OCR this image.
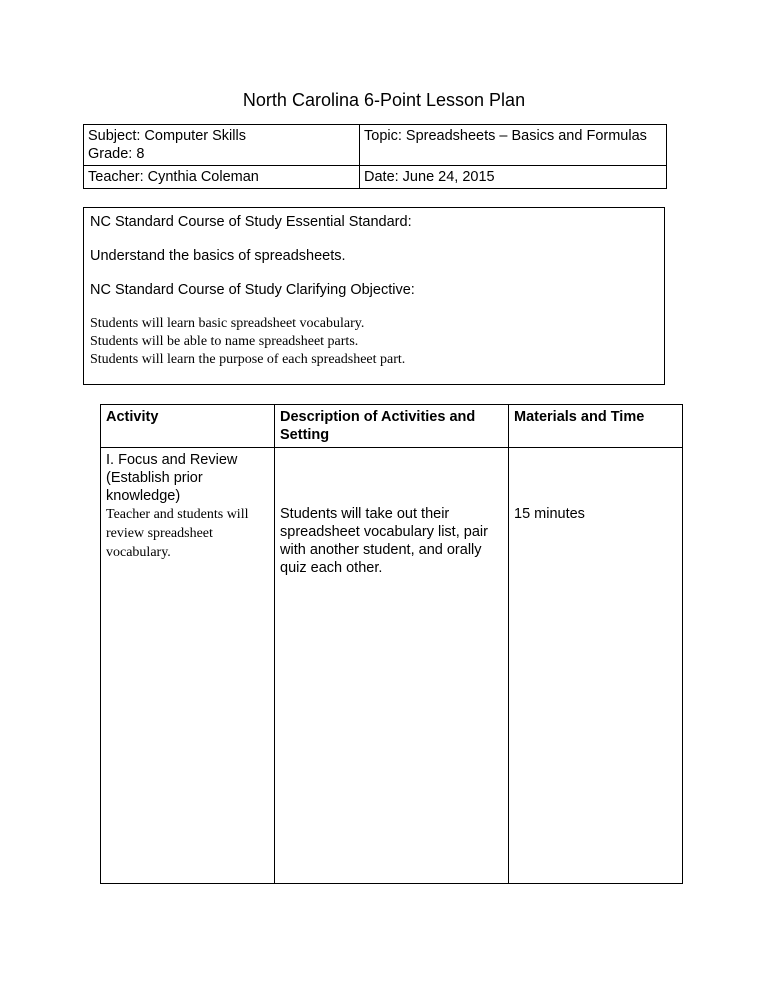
North Carolina 6-Point Lesson Plan
Subject: Computer Skills
Grade: 8	Topic: Spreadsheets – Basics and Formulas
Teacher: Cynthia Coleman	Date: June 24, 2015

NC Standard Course of Study Essential Standard:

Understand the basics of spreadsheets.

NC Standard Course of Study Clarifying Objective:

Students will learn basic spreadsheet vocabulary.

Students will be able to name spreadsheet parts.

Students will learn the purpose of each spreadsheet part.

Activity	Description of Activities and Setting	Materials and Time

I. Focus and Review (Establish prior knowledge)
Teacher and students will review spreadsheet vocabulary.	Students will take out their spreadsheet vocabulary list, pair with another student, and orally quiz each other.	15 minutes
